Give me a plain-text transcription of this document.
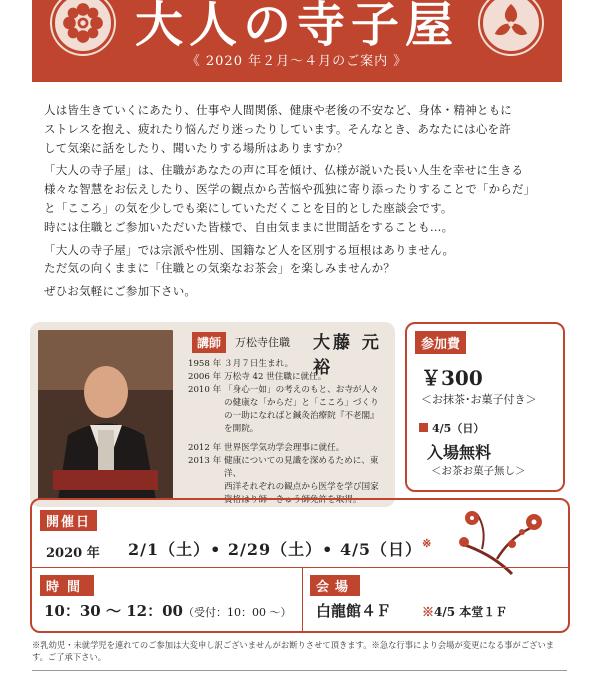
大人の寺子屋
《 2020 年２月～４月のご案内 》

人は皆生きていくにあたり、仕事や人間関係、健康や老後の不安など、身体・精神ともに

ストレスを抱え、疲れたり悩んだり迷ったりしています。そんなとき、あなたには心を許

して気楽に話をしたり、聞いたりする場所はありますか？

「大人の寺子屋」は、住職があなたの声に耳を傾け、仏様が説いた長い人生を幸せに生きる

様々な智慧をお伝えしたり、医学の観点から苦悩や孤独に寄り添ったりすることで「からだ」

と「こころ」の気を少しでも楽にしていただくことを目的とした座談会です。

時には住職とご参加いただいた皆様で、自由気ままに世間話をすることも…。

「大人の寺子屋」では宗派や性別、国籍など人を区別する垣根はありません。

ただ気の向くままに「住職との気楽なお茶会」を楽しみませんか？

ぜひお気軽にご参加下さい。

講師	万松寺住職 大藤 元裕
1958 年 ３月７日生まれ。
2006 年 万松寺 42 世住職に就任。
2010 年 「身心一如」の考えのもと、お寺が人々
の健康な「からだ」と「こころ」づくり
の一助になればと鍼灸治療院『不老閣』
を開院。
2012 年 世界医学気功学会理事に就任。
2013 年 健康についての見識を深めるために、東洋、
西洋それぞれの観点から医学を学び国家
資格はり師・きゅう師免許を取得。
参加費
￥300
＜お抹茶･お菓子付き＞
4/5（日）
入場無料
＜お茶お菓子無し＞
開催日
2020 年 2/1（土）• 2/29（土）• 4/5（日）※
時間
10：30 ～ 12：00（受付：10：00 ～）
会場
白龍館４Ｆ	※4/5 本堂１Ｆ
※乳幼児・未就学児を連れてのご参加は大変申し訳ございませんがお断りさせて頂きます。※急な行事により会場が変更になる事がございます。ご了承下さい。
